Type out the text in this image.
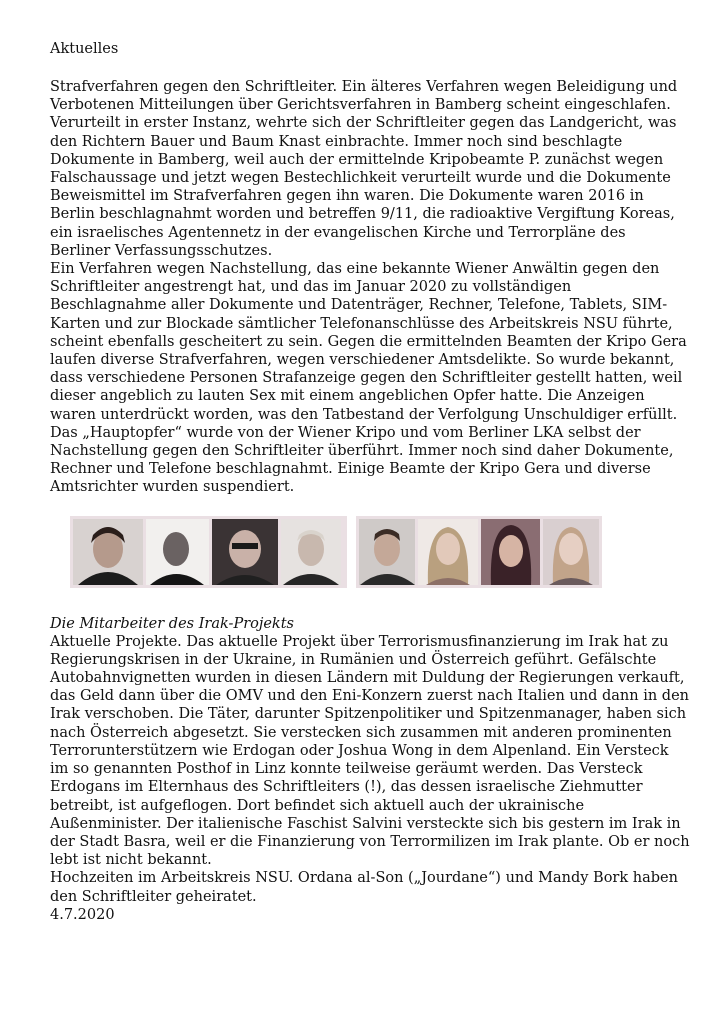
Aktuelles

Strafverfahren gegen den Schriftleiter. Ein älteres Verfahren wegen Beleidigung und Verbotenen Mitteilungen über Gerichtsverfahren in Bamberg scheint eingeschlafen. Verurteilt in erster Instanz, wehrte sich der Schriftleiter gegen das Landgericht, was den Richtern Bauer und Baum Knast einbrachte. Immer noch sind beschlagte Dokumente in Bamberg, weil auch der ermittelnde Kripobeamte P. zunächst wegen Falschaussage und jetzt wegen Bestechlichkeit verurteilt wurde und die Dokumente Beweismittel im Strafverfahren gegen ihn waren. Die Dokumente waren 2016 in Berlin beschlagnahmt worden und betreffen 9/11, die radioaktive Vergiftung Koreas, ein israelisches Agentennetz in der evangelischen Kirche und Terrorpläne des Berliner Verfassungsschutzes.

Ein Verfahren wegen Nachstellung, das eine bekannte Wiener Anwältin gegen den Schriftleiter angestrengt hat, und das im Januar 2020 zu vollständigen Beschlagnahme aller Dokumente und Datenträger, Rechner, Telefone, Tablets, SIM-Karten und zur Blockade sämtlicher Telefonanschlüsse des Arbeitskreis NSU führte, scheint ebenfalls gescheitert zu sein. Gegen die ermittelnden Beamten der Kripo Gera laufen diverse Strafverfahren, wegen verschiedener Amtsdelikte. So wurde bekannt, dass verschiedene Personen Strafanzeige gegen den Schriftleiter gestellt hatten, weil dieser angeblich zu lauten Sex mit einem angeblichen Opfer hatte. Die Anzeigen waren unterdrückt worden, was den Tatbestand der Verfolgung Unschuldiger erfüllt. Das „Hauptopfer“ wurde von der Wiener Kripo und vom Berliner LKA selbst der Nachstellung gegen den Schriftleiter überführt. Immer noch sind daher Dokumente, Rechner und Telefone beschlagnahmt. Einige Beamte der Kripo Gera und diverse Amtsrichter wurden suspendiert.

Die Mitarbeiter des Irak-Projekts

Aktuelle Projekte. Das aktuelle Projekt über Terrorismusfinanzierung im Irak hat zu Regierungskrisen in der Ukraine, in Rumänien und Österreich geführt. Gefälschte Autobahnvignetten wurden in diesen Ländern mit Duldung der Regierungen verkauft, das Geld dann über die OMV und den Eni-Konzern zuerst nach Italien und dann in den Irak verschoben. Die Täter, darunter Spitzenpolitiker und Spitzenmanager, haben sich nach Österreich abgesetzt. Sie verstecken sich zusammen mit anderen prominenten Terrorunterstützern wie Erdogan oder Joshua Wong in dem Alpenland. Ein Versteck im so genannten Posthof in Linz konnte teilweise geräumt werden. Das Versteck Erdogans im Elternhaus des Schriftleiters (!), das dessen israelische Ziehmutter betreibt, ist aufgeflogen. Dort befindet sich aktuell auch der ukrainische Außenminister. Der italienische Faschist Salvini versteckte sich bis gestern im Irak in der Stadt Basra, weil er die Finanzierung von Terrormilizen im Irak plante. Ob er noch lebt ist nicht bekannt.

Hochzeiten im Arbeitskreis NSU. Ordana al-Son („Jourdane“) und Mandy Bork haben den Schriftleiter geheiratet.

4.7.2020
